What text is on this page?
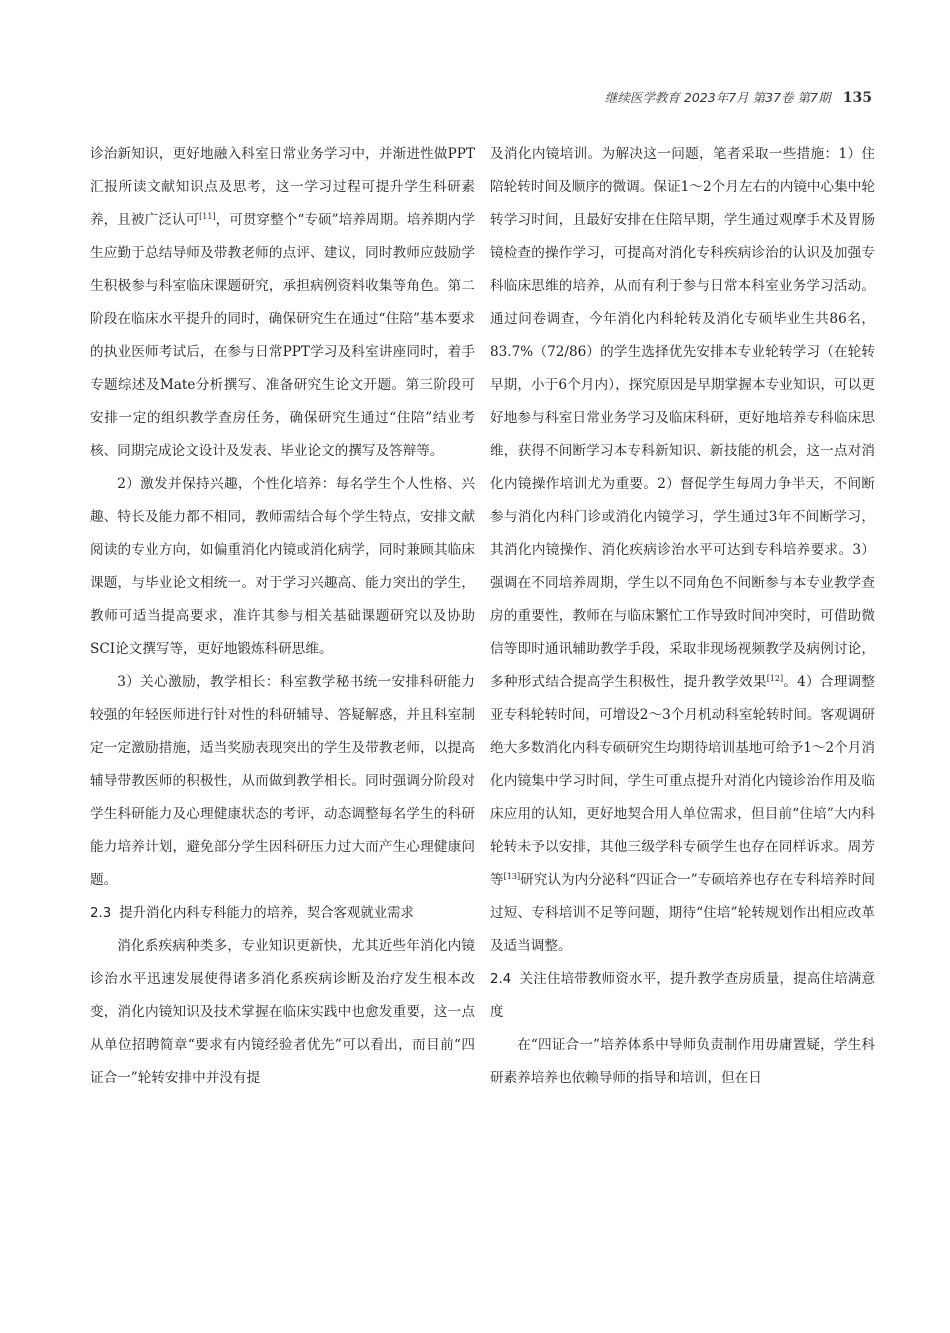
继续医学教育 2023年7月 第37卷 第7期 135

诊治新知识，更好地融入科室日常业务学习中，并渐进性做PPT汇报所读文献知识点及思考，这一学习过程可提升学生科研素养，且被广泛认可[11]，可贯穿整个“专硕”培养周期。培养期内学生应勤于总结导师及带教老师的点评、建议，同时教师应鼓励学生积极参与科室临床课题研究，承担病例资料收集等角色。第二阶段在临床水平提升的同时，确保研究生在通过“住陪”基本要求的执业医师考试后，在参与日常PPT学习及科室讲座同时，着手专题综述及Mate分析撰写、准备研究生论文开题。第三阶段可安排一定的组织教学查房任务，确保研究生通过“住陪”结业考核、同期完成论文设计及发表、毕业论文的撰写及答辩等。

2）激发并保持兴趣，个性化培养：每名学生个人性格、兴趣、特长及能力都不相同，教师需结合每个学生特点，安排文献阅读的专业方向，如偏重消化内镜或消化病学，同时兼顾其临床课题，与毕业论文相统一。对于学习兴趣高、能力突出的学生，教师可适当提高要求，准许其参与相关基础课题研究以及协助SCI论文撰写等，更好地锻炼科研思维。

3）关心激励，教学相长：科室教学秘书统一安排科研能力较强的年轻医师进行针对性的科研辅导、答疑解惑，并且科室制定一定激励措施，适当奖励表现突出的学生及带教老师，以提高辅导带教医师的积极性，从而做到教学相长。同时强调分阶段对学生科研能力及心理健康状态的考评，动态调整每名学生的科研能力培养计划，避免部分学生因科研压力过大而产生心理健康问题。

2.3 提升消化内科专科能力的培养，契合客观就业需求

消化系疾病种类多，专业知识更新快，尤其近些年消化内镜诊治水平迅速发展使得诸多消化系疾病诊断及治疗发生根本改变，消化内镜知识及技术掌握在临床实践中也愈发重要，这一点从单位招聘简章“要求有内镜经验者优先”可以看出，而目前“四证合一”轮转安排中并没有提

及消化内镜培训。为解决这一问题，笔者采取一些措施：1）住陪轮转时间及顺序的微调。保证1～2个月左右的内镜中心集中轮转学习时间，且最好安排在住陪早期，学生通过观摩手术及胃肠镜检查的操作学习，可提高对消化专科疾病诊治的认识及加强专科临床思维的培养，从而有利于参与日常本科室业务学习活动。通过问卷调查，今年消化内科轮转及消化专硕毕业生共86名，83.7%（72/86）的学生选择优先安排本专业轮转学习（在轮转早期，小于6个月内），探究原因是早期掌握本专业知识，可以更好地参与科室日常业务学习及临床科研，更好地培养专科临床思维，获得不间断学习本专科新知识、新技能的机会，这一点对消化内镜操作培训尤为重要。2）督促学生每周力争半天，不间断参与消化内科门诊或消化内镜学习，学生通过3年不间断学习，其消化内镜操作、消化疾病诊治水平可达到专科培养要求。3）强调在不同培养周期，学生以不同角色不间断参与本专业教学查房的重要性，教师在与临床繁忙工作导致时间冲突时，可借助微信等即时通讯辅助教学手段，采取非现场视频教学及病例讨论，多种形式结合提高学生积极性，提升教学效果[12]。4）合理调整亚专科轮转时间，可增设2～3个月机动科室轮转时间。客观调研绝大多数消化内科专硕研究生均期待培训基地可给予1～2个月消化内镜集中学习时间，学生可重点提升对消化内镜诊治作用及临床应用的认知，更好地契合用人单位需求，但目前“住培”大内科轮转未予以安排，其他三级学科专硕学生也存在同样诉求。周芳等[13]研究认为内分泌科“四证合一”专硕培养也存在专科培养时间过短、专科培训不足等问题，期待“住培”轮转规划作出相应改革及适当调整。

2.4 关注住培带教师资水平，提升教学查房质量，提高住培满意度

在“四证合一”培养体系中导师负责制作用毋庸置疑，学生科研素养培养也依赖导师的指导和培训，但在日
